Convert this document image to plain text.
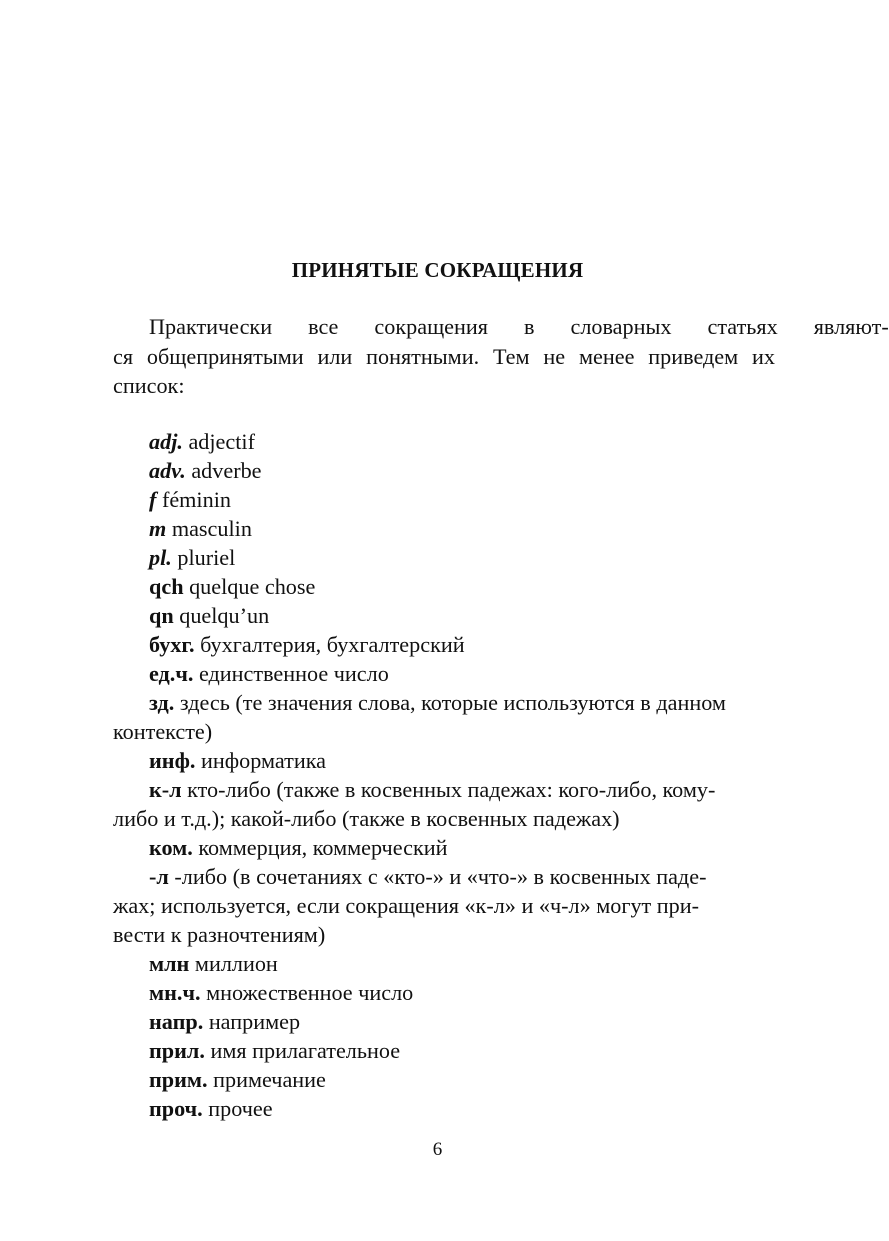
ПРИНЯТЫЕ СОКРАЩЕНИЯ
Практически	все	сокращения	в	словарных	статьях	являют-
ся общепринятыми или понятными. Тем не менее приведем их
список:
adj. adjectif
adv. adverbe
f féminin
m masculin
pl. pluriel
qch quelque chose
qn quelqu’un
бухг. бухгалтерия, бухгалтерский
ед.ч. единственное число
зд. здесь (те значения слова, которые используются в данном
контексте)
инф. информатика
к-л кто-либо (также в косвенных падежах: кого-либо, кому-
либо и т.д.); какой-либо (также в косвенных падежах)
ком. коммерция, коммерческий
-л -либо (в сочетаниях с «кто-» и «что-» в косвенных паде-
жах; используется, если сокращения «к-л» и «ч-л» могут при-
вести к разночтениям)
млн миллион
мн.ч. множественное число
напр. например
прил. имя прилагательное
прим. примечание
проч. прочее
6
